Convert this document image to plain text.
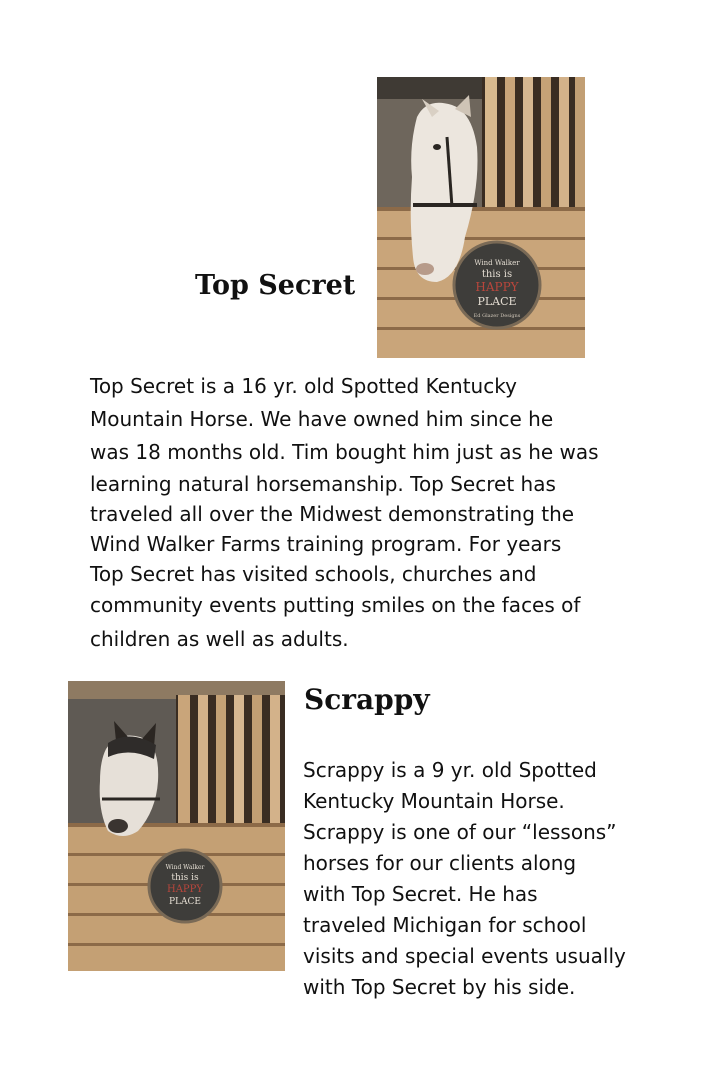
Top Secret
Wind Walker
this is
HAPPY
PLACE
Ed Glazer Designs
Top Secret is a 16 yr. old Spotted Kentucky
Mountain Horse. We have owned him since he
was 18 months old. Tim bought him just as he was
learning natural horsemanship. Top Secret has
traveled all over the Midwest demonstrating the
Wind Walker Farms training program. For years
Top Secret has visited schools, churches and
community events putting smiles on the faces of
children as well as adults.
Wind Walker
this is
HAPPY
PLACE
Scrappy
Scrappy is a 9 yr. old Spotted
Kentucky Mountain Horse.
Scrappy is one of our “lessons”
horses for our clients along
with Top Secret. He has
traveled Michigan for school
visits and special events usually
with Top Secret by his side.
